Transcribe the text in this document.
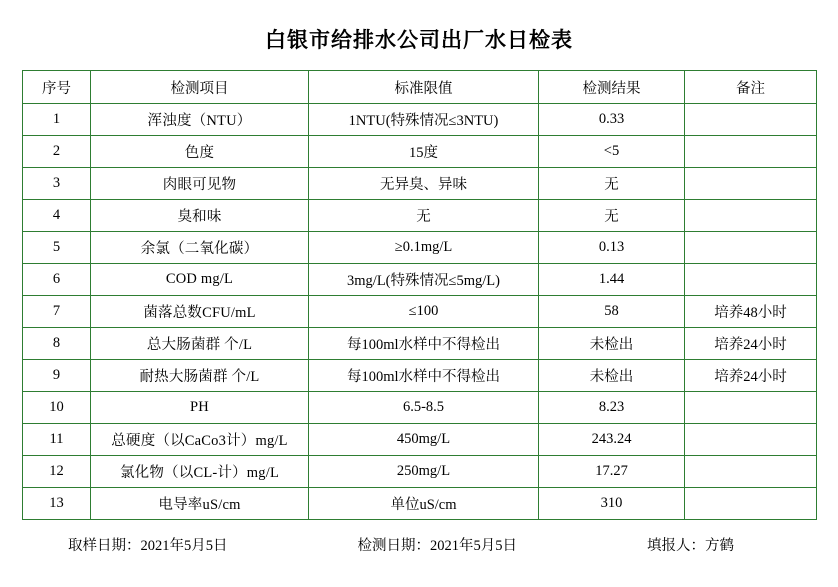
白银市给排水公司出厂水日检表
序号	检测项目	标准限值	检测结果	备注
1	浑浊度（NTU）	1NTU(特殊情况≤3NTU)	0.33	
2	色度	15度	<5	
3	肉眼可见物	无异臭、异味	无	
4	臭和味	无	无	
5	余氯（二氧化碳）	≥0.1mg/L	0.13	
6	COD mg/L	3mg/L(特殊情况≤5mg/L)	1.44	
7	菌落总数CFU/mL	≤100	58	培养48小时
8	总大肠菌群 个/L	每100ml水样中不得检出	未检出	培养24小时
9	耐热大肠菌群 个/L	每100ml水样中不得检出	未检出	培养24小时
10	PH	6.5-8.5	8.23	
11	总硬度（以CaCo3计）mg/L	450mg/L	243.24	
12	氯化物（以CL-计）mg/L	250mg/L	17.27	
13	电导率uS/cm	单位uS/cm	310	
取样日期：2021年5月5日	检测日期：2021年5月5日	填报人：方鹤
